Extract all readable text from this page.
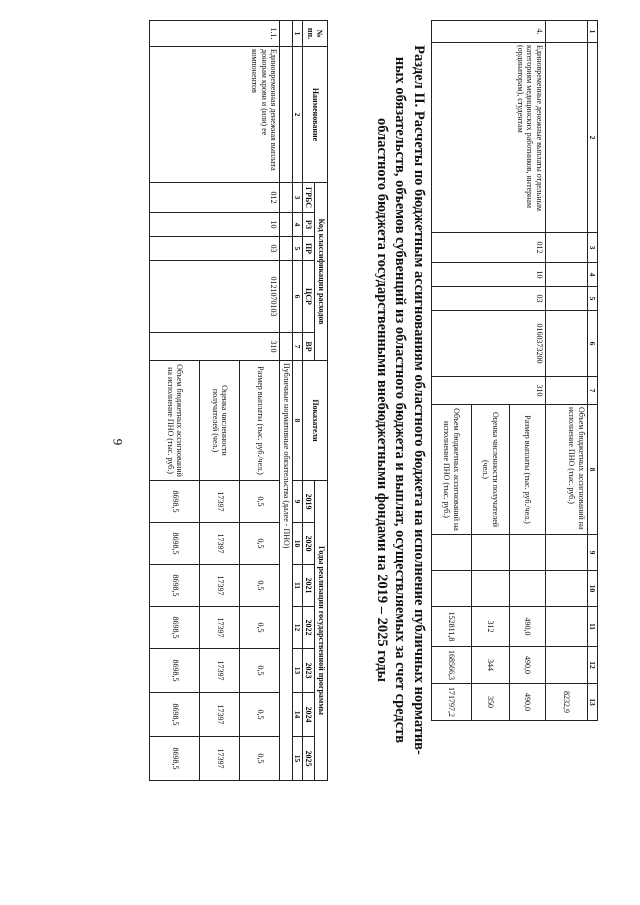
9
1	2	3	4	5	6	7	8	9	10	11	12	13
							Объем бюджетных ассигнований на исполнение ПНО (тыс. руб.)					8232,9
4.	Единовременные денежные выплаты отдельным категориям медицинских работников, интернам (ординаторам), студентам	012	10	03	0160373200	310	Размер выплаты (тыс. руб./чел.)			490,0	490,0	490,0
							Оценка численности получателей (чел.)			312	344	350
							Объем бюджетных ассигнований на исполнение ПНО (тыс. руб.)			152811,8	168566,3	171797,2
Раздел II. Расчеты по бюджетным ассигнованиям областного бюджета на исполнение публичных норматив-
ных обязательств, объемов субвенций из областного бюджета и выплат, осуществляемых за счет средств
областного бюджета государственными внебюджетными фондами на 2019 – 2025 годы
№ пп.	Наименование	Код классификации расходов					Показатели	Годы реализации государственной программы						
		ГРБС	РЗ	ПР	ЦСР	ВР		2019	2020	2021	2022	2023	2024	2025
1	2	3	4	5	6	7	8	9	10	11	12	13	14	15
							Публичные нормативные обязательства (далее - ПНО)							
1.1.	Единовременная денежная выплата донорам крови и (или) ее компонентов	012	10	03	0121070103	310	Размер выплаты (тыс. руб./чел.)	0,5	0,5	0,5	0,5	0,5	0,5	0,5
							Оценка численности получателей (чел.)	17397	17397	17397	17397	17397	17397	17397
							Объем бюджетных ассигнований на исполнение ПНО (тыс. руб.)	8698,5	8698,5	8698,5	8698,5	8698,5	8698,5	8698,5
